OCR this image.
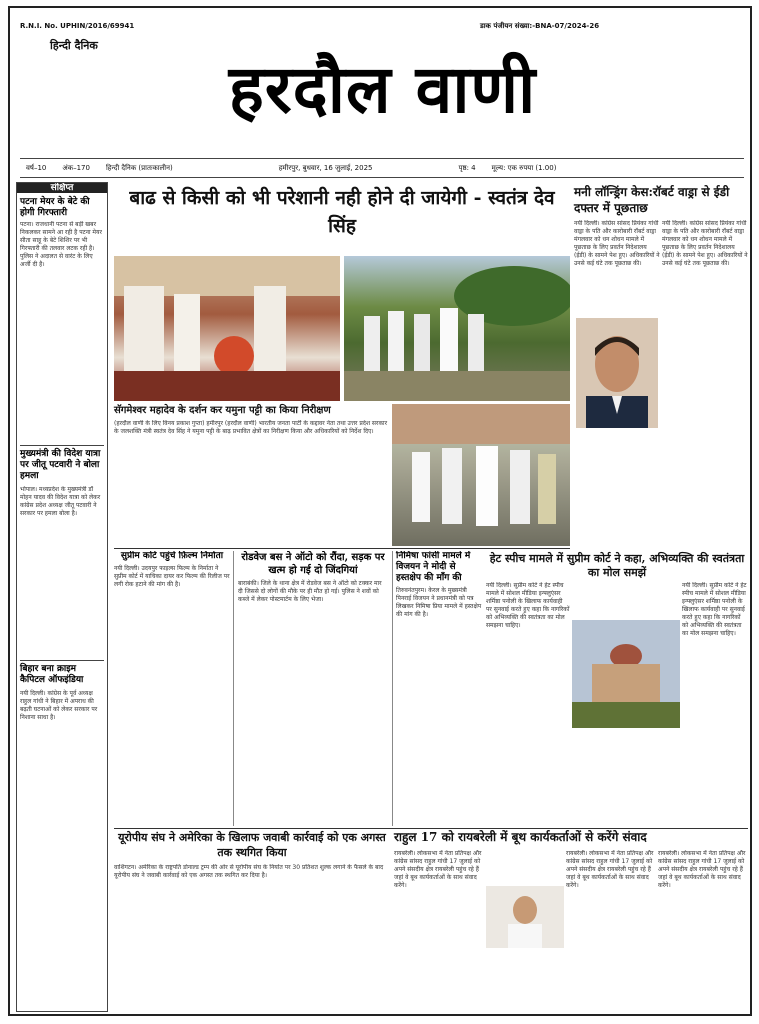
R.N.I. No. UPHIN/2016/69941	डाक पंजीयन संख्या:-BNA-07/2024-26
हिन्दी दैनिक
हरदौल वाणी
वर्ष–10 अंक–170 हिन्दी दैनिक (प्रातःकालीन)	हमीरपुर, बुधवार, 16 जुलाई, 2025	पृष्ठ: 4 मूल्य: एक रुपया (1.00)
संक्षिप्त
पटना मेयर के बेटे की होगी गिरफ्तारी
पटना। राजधानी पटना से बड़ी खबर निकलकर सामने आ रही है पटना मेयर सीता साहू के बेटे शिशिर पर भी गिरफ्तारी की तलवार लटक रही है। पुलिस ने अदालत से वारंट के लिए अर्जी दी है।
मुख्यमंत्री की विदेश यात्रा पर जीतू पटवारी ने बोला हमला
भोपाल। मध्यप्रदेश के मुख्यमंत्री डॉ मोहन यादव की विदेश यात्रा को लेकर कांग्रेस प्रदेश अध्यक्ष जीतू पटवारी ने सरकार पर हमला बोला है।
बिहार बना क्राइम कैपिटल ऑफइंडिया
नयी दिल्ली। कांग्रेस के पूर्व अध्यक्ष राहुल गांधी ने बिहार में अपराध की बढ़ती घटनाओं को लेकर सरकार पर निशाना साधा है।
बाढ से किसी को भी परेशानी नही होने दी जायेगी - स्वतंत्र देव सिंह
सॅगमेश्वर महादेव के दर्शन कर यमुना पट्टी का किया निरीक्षण
(हरदौल वाणी के लिए विनय प्रकाश गुप्ता) हमीरपुर (हरदौल वाणी) भारतीय जनता पार्टी के कद्दावर नेता तथा उत्तर प्रदेश सरकार के जलशक्ति मंत्री स्वतंत्र देव सिंह ने यमुना पट्टी के बाढ़ प्रभावित क्षेत्रों का निरीक्षण किया और अधिकारियों को निर्देश दिए।
सुप्रीम कोर्ट पहुंचे फ़िल्म निर्माता
नयी दिल्ली। उदयपुर फाइल्स फिल्म के निर्माता ने सुप्रीम कोर्ट में याचिका दायर कर फिल्म की रिलीज पर लगी रोक हटाने की मांग की है।
रोडवेज बस ने ऑटो को रौंदा, सड़क पर खत्म हो गई दो जिंदगियां
बाराबंकी। जिले के थाना क्षेत्र में रोडवेज बस ने ऑटो को टक्कर मार दी जिससे दो लोगों की मौके पर ही मौत हो गई। पुलिस ने शवों को कब्जे में लेकर पोस्टमार्टम के लिए भेजा।
निमिषा फांसी मामले में विजयन ने मोदी से हस्तक्षेप की माँग की
तिरुवनंतपुरम। केरल के मुख्यमंत्री पिनराई विजयन ने प्रधानमंत्री को पत्र लिखकर निमिषा प्रिया मामले में हस्तक्षेप की मांग की है।
मनी लॉन्ड्रिंग केस:रॉबर्ट वाड्रा से ईडी दफ्तर में पूछताछ
नयी दिल्ली। कांग्रेस सांसद प्रियंका गांधी वाड्रा के पति और कारोबारी रॉबर्ट वाड्रा मंगलवार को धन शोधन मामले में पूछताछ के लिए प्रवर्तन निदेशालय (ईडी) के सामने पेश हुए। अधिकारियों ने उनसे कई घंटे तक पूछताछ की।
नयी दिल्ली। कांग्रेस सांसद प्रियंका गांधी वाड्रा के पति और कारोबारी रॉबर्ट वाड्रा मंगलवार को धन शोधन मामले में पूछताछ के लिए प्रवर्तन निदेशालय (ईडी) के सामने पेश हुए। अधिकारियों ने उनसे कई घंटे तक पूछताछ की।
हेट स्पीच मामले में सुप्रीम कोर्ट ने कहा, अभिव्यक्ति की स्वतंत्रता का मोल समझें
नयी दिल्ली। सुप्रीम कोर्ट ने हेट स्पीच मामले में सोशल मीडिया इन्फ्लुएंसर शर्मिष्ठा पनोली के खिलाफ कार्यवाही पर सुनवाई करते हुए कहा कि नागरिकों को अभिव्यक्ति की स्वतंत्रता का मोल समझना चाहिए।
नयी दिल्ली। सुप्रीम कोर्ट ने हेट स्पीच मामले में सोशल मीडिया इन्फ्लुएंसर शर्मिष्ठा पनोली के खिलाफ कार्यवाही पर सुनवाई करते हुए कहा कि नागरिकों को अभिव्यक्ति की स्वतंत्रता का मोल समझना चाहिए।
यूरोपीय संघ ने अमेरिका के खिलाफ जवाबी कार्रवाई को एक अगस्त तक स्थगित किया
वाशिंगटन। अमेरिका के राष्ट्रपति डोनाल्ड ट्रम्प की ओर से यूरोपीय संघ के निर्यात पर 30 प्रतिशत शुल्क लगाने के फैसले के बाद यूरोपीय संघ ने जवाबी कार्रवाई को एक अगस्त तक स्थगित कर दिया है।
राहुल 17 को रायबरेली में बूथ कार्यकर्ताओं से करेंगे संवाद
रायबरेली। लोकसभा में नेता प्रतिपक्ष और कांग्रेस सांसद राहुल गांधी 17 जुलाई को अपने संसदीय क्षेत्र रायबरेली पहुंच रहे हैं जहां वे बूथ कार्यकर्ताओं के साथ संवाद करेंगे।
रायबरेली। लोकसभा में नेता प्रतिपक्ष और कांग्रेस सांसद राहुल गांधी 17 जुलाई को अपने संसदीय क्षेत्र रायबरेली पहुंच रहे हैं जहां वे बूथ कार्यकर्ताओं के साथ संवाद करेंगे।
रायबरेली। लोकसभा में नेता प्रतिपक्ष और कांग्रेस सांसद राहुल गांधी 17 जुलाई को अपने संसदीय क्षेत्र रायबरेली पहुंच रहे हैं जहां वे बूथ कार्यकर्ताओं के साथ संवाद करेंगे।
